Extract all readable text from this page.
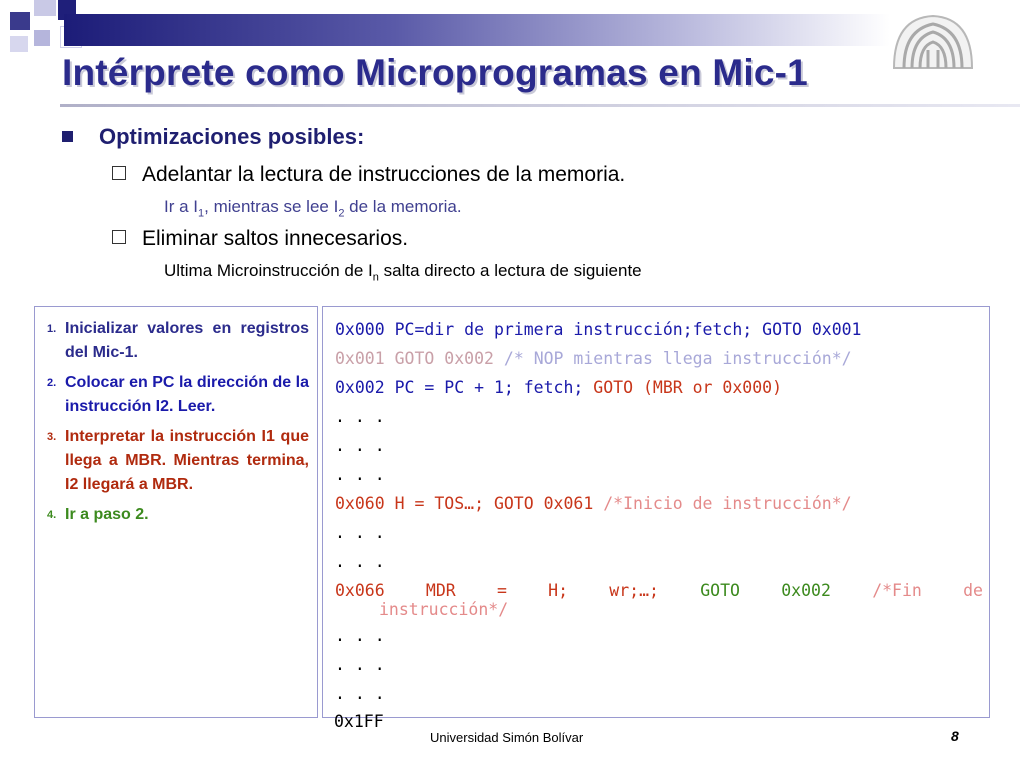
Intérprete como Microprogramas en Mic-1
Optimizaciones posibles:
Adelantar la lectura de instrucciones de la memoria.
Ir a $I_1$, mientras se lee $I_2$ de la memoria.
Eliminar saltos innecesarios.
Ultima Microinstrucción de $I_n$ salta directo a lectura de siguiente
1. Inicializar valores en registros del Mic-1.
2. Colocar en PC la dirección de la instrucción I2. Leer.
3. Interpretar la instrucción I1 que llega a MBR. Mientras termina, I2 llegará a MBR.
4. Ir a paso 2.
0x000 PC=dir de primera instrucción;fetch; GOTO 0x001
0x001 GOTO 0x002 /* NOP mientras llega instrucción*/
0x002 PC = PC + 1; fetch; GOTO (MBR or 0x000)
. . .
. . .
. . .
0x060 H = TOS…; GOTO 0x061 /*Inicio de instrucción*/
. . .
. . .
0x066 MDR = H; wr;…; GOTO 0x002 /*Fin de
instrucción*/
. . .
. . .
. . .
0x1FF
Universidad Simón Bolívar	8
